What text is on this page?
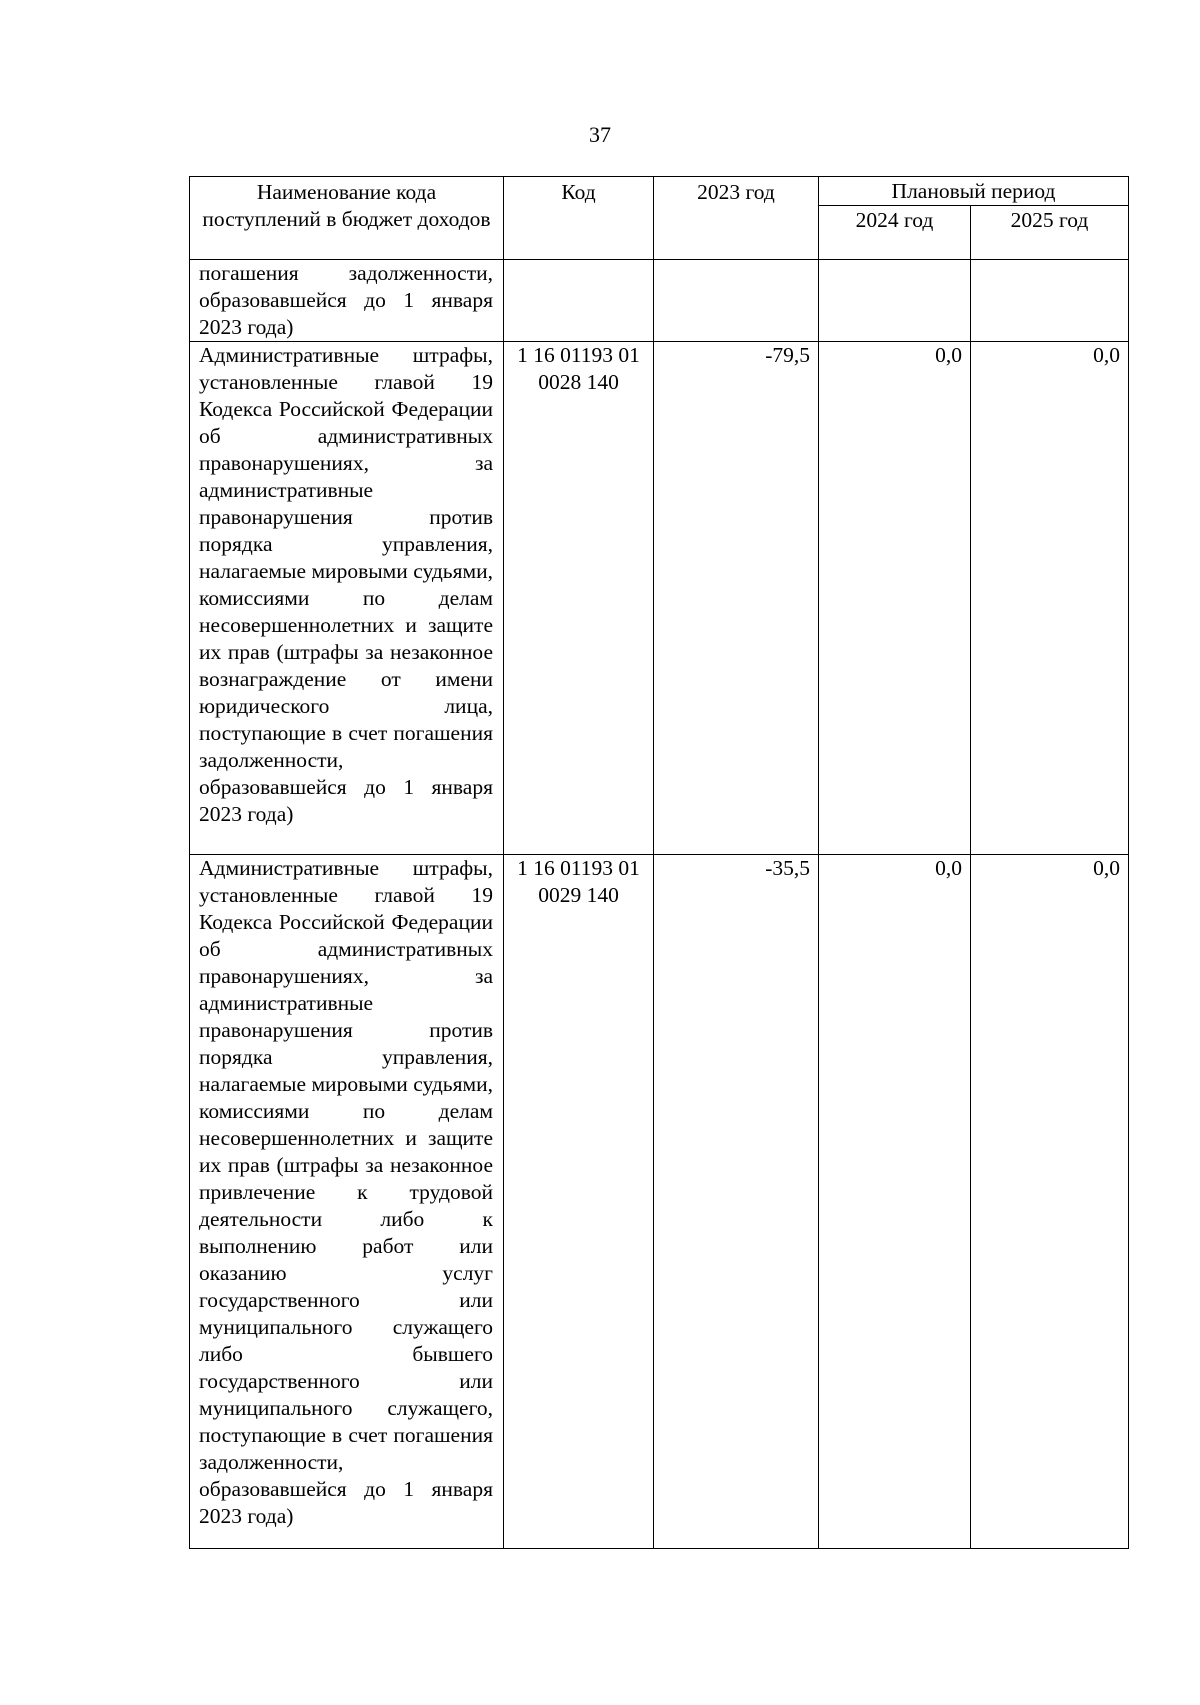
37
Наименование кода поступлений в бюджет доходов	Код	2023 год	Плановый период	
			2024 год	2025 год
погашения задолженности, образовавшейся до 1 января 2023 года)				
Административные штрафы, установленные главой 19 Кодекса Российской Федерации об административных правонарушениях, за административные правонарушения против порядка управления, налагаемые мировыми судьями, комиссиями по делам несовершеннолетних и защите их прав (штрафы за незаконное вознаграждение от имени юридического лица, поступающие в счет погашения задолженности, образовавшейся до 1 января 2023 года)	1 16 01193 01 0028 140	-79,5	0,0	0,0
Административные штрафы, установленные главой 19 Кодекса Российской Федерации об административных правонарушениях, за административные правонарушения против порядка управления, налагаемые мировыми судьями, комиссиями по делам несовершеннолетних и защите их прав (штрафы за незаконное привлечение к трудовой деятельности либо к выполнению работ или оказанию услуг государственного или муниципального служащего либо бывшего государственного или муниципального служащего, поступающие в счет погашения задолженности, образовавшейся до 1 января 2023 года)	1 16 01193 01 0029 140	-35,5	0,0	0,0
